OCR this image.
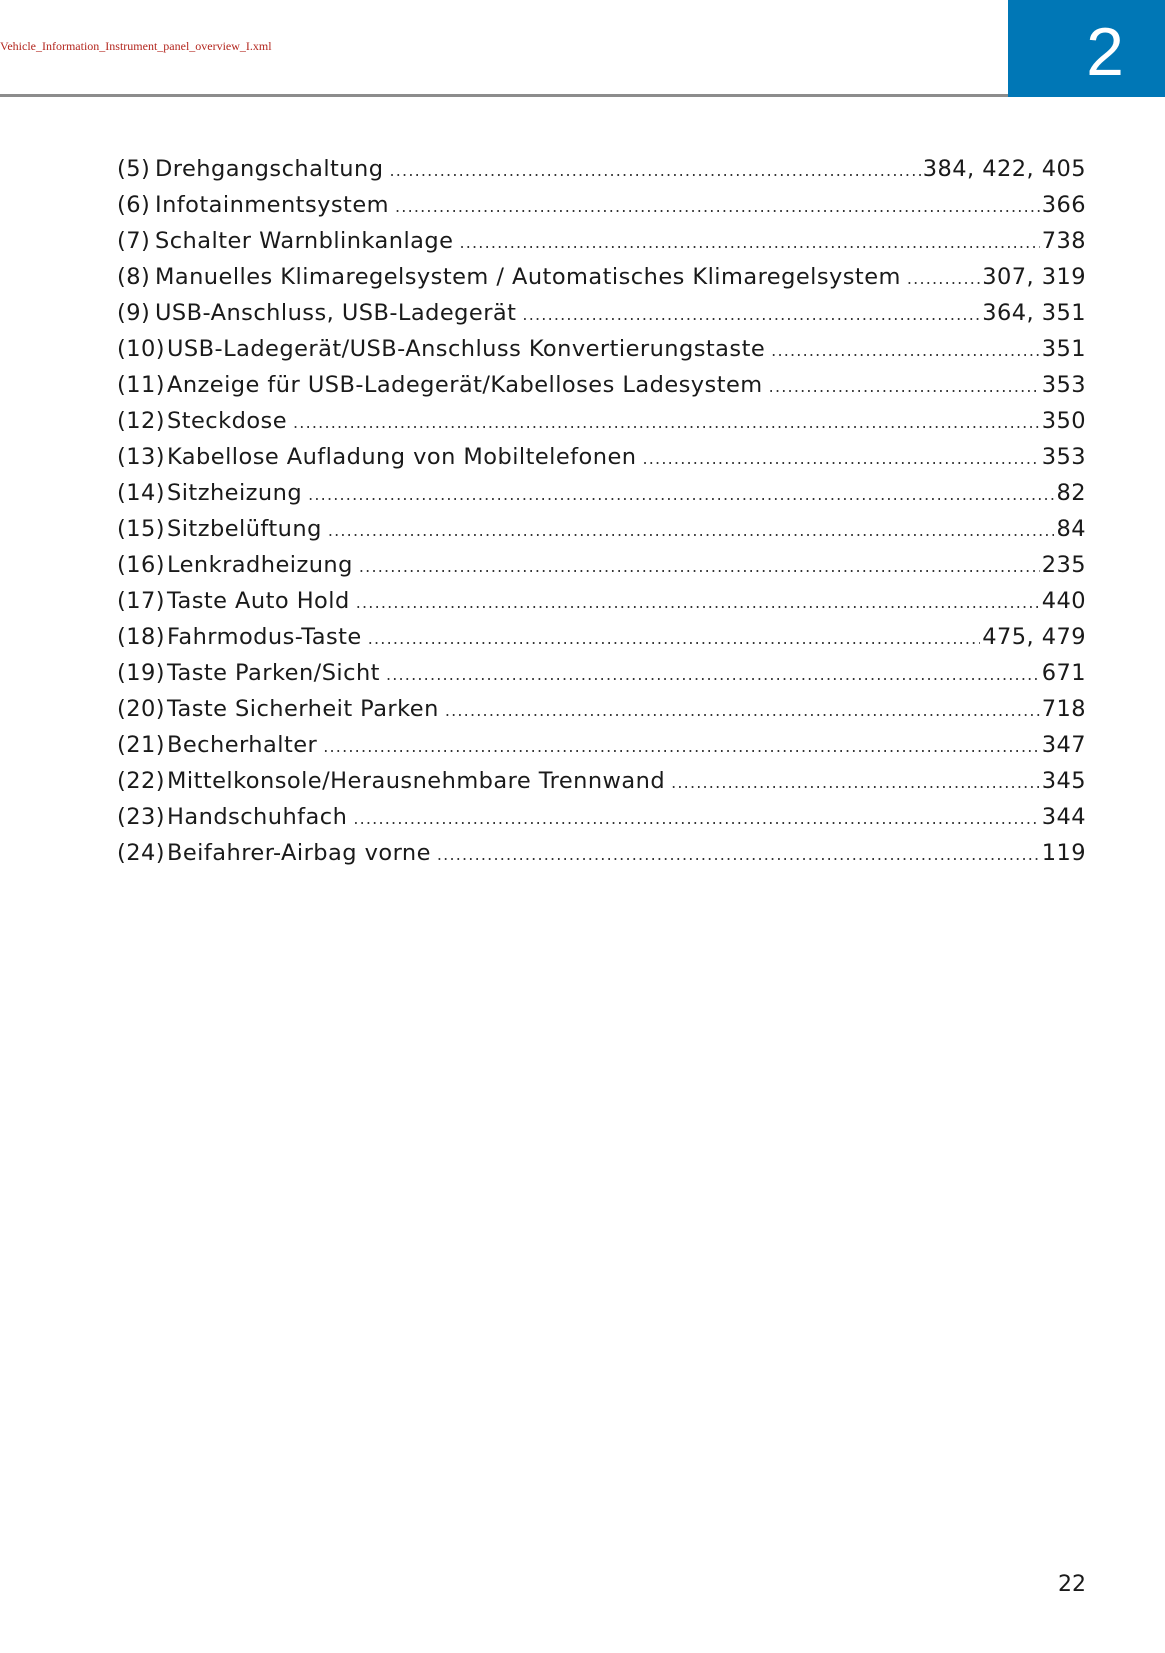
Vehicle_Information_Instrument_panel_overview_I.xml	2
(5) Drehgangschaltung .....	384, 422, 405
(6) Infotainmentsystem .....	366
(7) Schalter Warnblinkanlage .....	738
(8) Manuelles Klimaregelsystem / Automatisches Klimaregelsystem .....	307, 319
(9) USB-Anschluss, USB-Ladegerät .....	364, 351
(10) USB-Ladegerät/USB-Anschluss Konvertierungstaste .....	351
(11) Anzeige für USB-Ladegerät/Kabelloses Ladesystem .....	353
(12) Steckdose .....	350
(13) Kabellose Aufladung von Mobiltelefonen .....	353
(14) Sitzheizung .....	82
(15) Sitzbelüftung .....	84
(16) Lenkradheizung .....	235
(17) Taste Auto Hold .....	440
(18) Fahrmodus-Taste .....	475, 479
(19) Taste Parken/Sicht .....	671
(20) Taste Sicherheit Parken .....	718
(21) Becherhalter .....	347
(22) Mittelkonsole/Herausnehmbare Trennwand .....	345
(23) Handschuhfach .....	344
(24) Beifahrer-Airbag vorne .....	119
22
